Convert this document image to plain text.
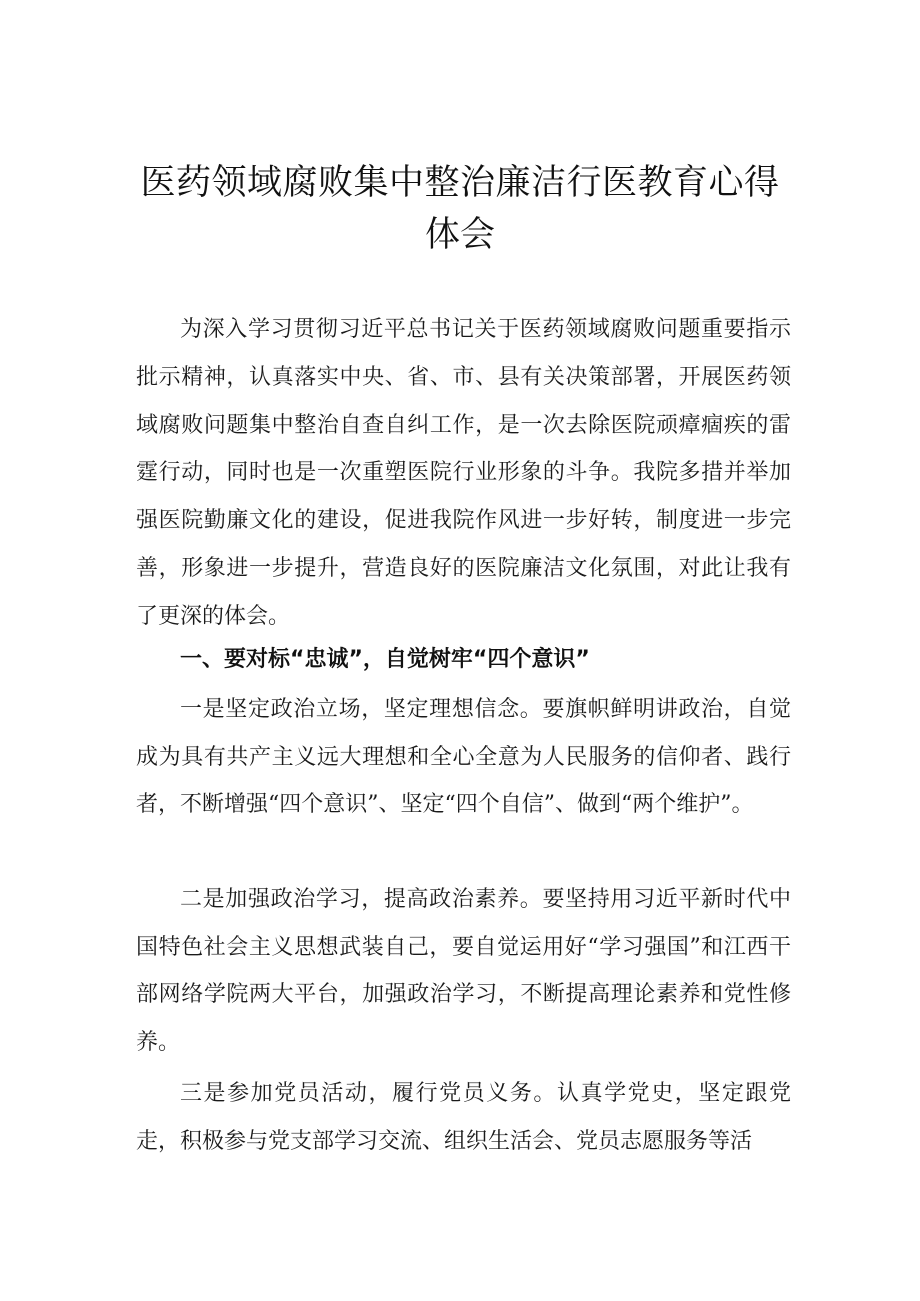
医药领域腐败集中整治廉洁行医教育心得
体会

为深入学习贯彻习近平总书记关于医药领域腐败问题重要指示批示精神，认真落实中央、省、市、县有关决策部署，开展医药领域腐败问题集中整治自查自纠工作，是一次去除医院顽瘴痼疾的雷霆行动，同时也是一次重塑医院行业形象的斗争。我院多措并举加强医院勤廉文化的建设，促进我院作风进一步好转，制度进一步完善，形象进一步提升，营造良好的医院廉洁文化氛围，对此让我有了更深的体会。

一、要对标“忠诚”，自觉树牢“四个意识”

一是坚定政治立场，坚定理想信念。要旗帜鲜明讲政治，自觉成为具有共产主义远大理想和全心全意为人民服务的信仰者、践行者，不断增强“四个意识”、坚定“四个自信”、做到“两个维护”。

二是加强政治学习，提高政治素养。要坚持用习近平新时代中国特色社会主义思想武装自己，要自觉运用好“学习强国”和江西干部网络学院两大平台，加强政治学习，不断提高理论素养和党性修养。

三是参加党员活动，履行党员义务。认真学党史，坚定跟党走，积极参与党支部学习交流、组织生活会、党员志愿服务等活
